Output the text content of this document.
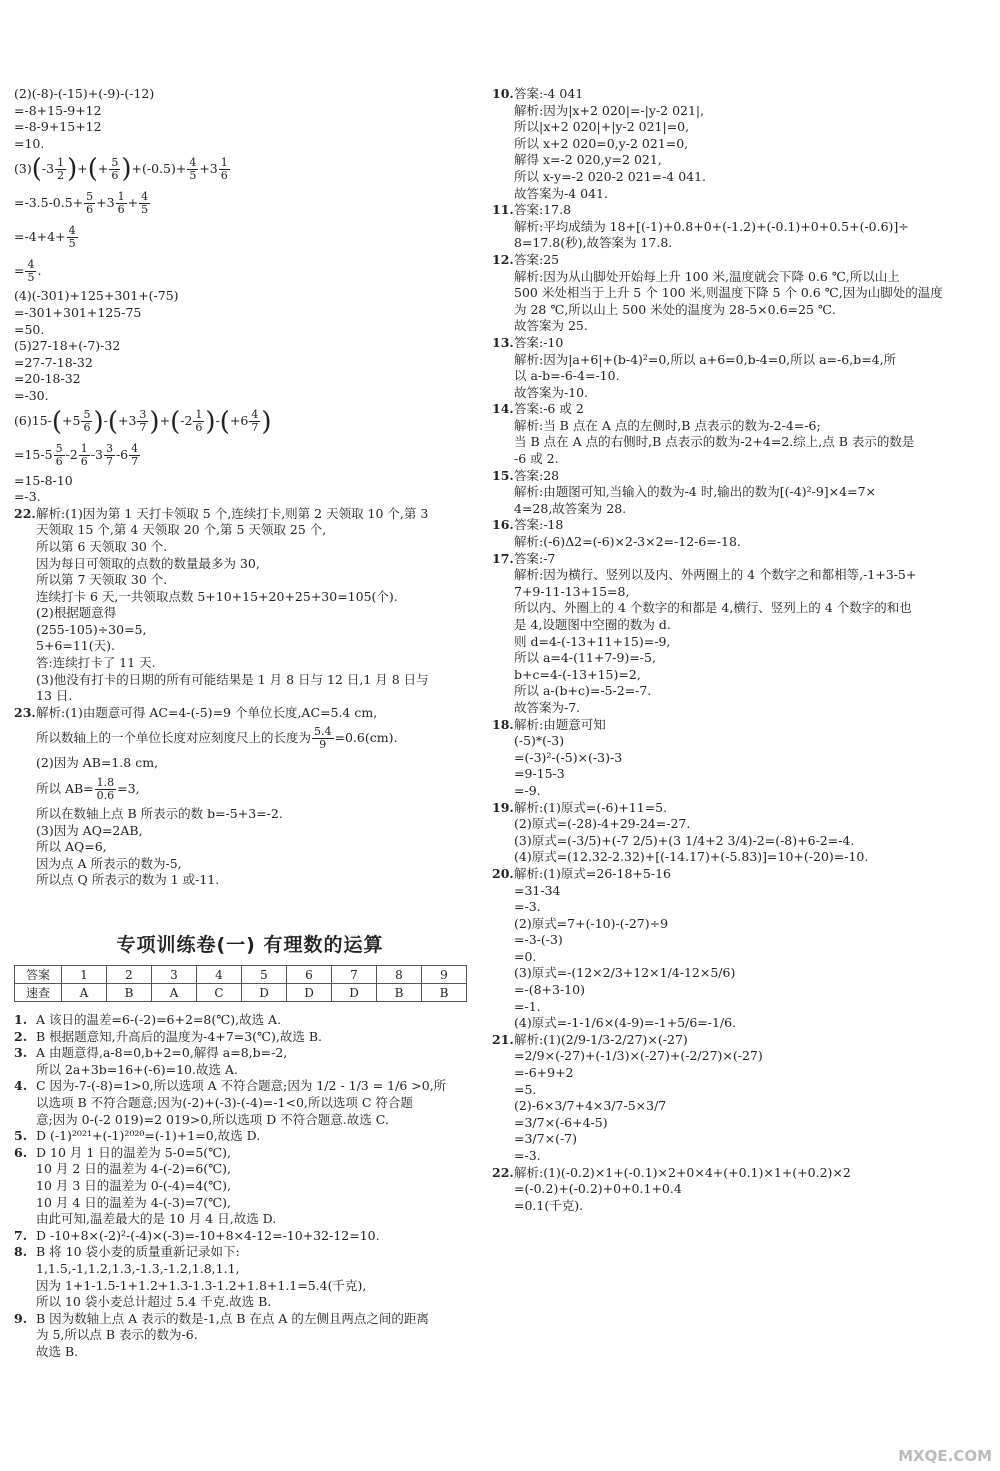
(2)(-8)-(-15)+(-9)-(-12)
=-8+15-9+12
=-8-9+15+12
=10.
(3) ( $-3 \frac{1}{2}$ ) + ( + $\frac{5}{6}$ ) $+(-0.5)+ \frac{4}{5} +3 \frac{1}{6}$
$=-3.5-0.5+ \frac{5}{6} +3 \frac{1}{6} + \frac{4}{5}$
$=-4+4+ \frac{4}{5}$
= $\frac{4}{5}$ .
(4)(-301)+125+301+(-75)
=-301+301+125-75
=50.
(5)27-18+(-7)-32
=27-7-18-32
=20-18-32
=-30.
(6)15- ( $+5 \frac{5}{6}$ ) - ( $+3 \frac{3}{7}$ ) + ( $-2 \frac{1}{6}$ ) - ( $+6 \frac{4}{7}$ )
$=15-5 \frac{5}{6} -2 \frac{1}{6} -3 \frac{3}{7} -6 \frac{4}{7}$
=15-8-10
=-3.
22.解析:(1)因为第 1 天打卡领取 5 个,连续打卡,则第 2 天领取 10 个,第 3
天领取 15 个,第 4 天领取 20 个,第 5 天领取 25 个,
所以第 6 天领取 30 个.
因为每日可领取的点数的数量最多为 30,
所以第 7 天领取 30 个.
连续打卡 6 天,一共领取点数 5+10+15+20+25+30=105(个).
(2)根据题意得
(255-105)÷30=5,
5+6=11(天).
答:连续打卡了 11 天.
(3)他没有打卡的日期的所有可能结果是 1 月 8 日与 12 日,1 月 8 日与
13 日.
23.解析:(1)由题意可得 AC=4-(-5)=9 个单位长度,AC=5.4 cm,
所以数轴上的一个单位长度对应刻度尺上的长度为 $\frac{5.4}{9} =0.6(cm)$.
(2)因为 AB=1.8 cm,
所以 $AB= \frac{1.8}{0.6} =3$,
所以在数轴上点 B 所表示的数 b=-5+3=-2.
(3)因为 AQ=2AB,
所以 AQ=6,
因为点 A 所表示的数为-5,
所以点 Q 所表示的数为 1 或-11.
专项训练卷(一) 有理数的运算
答案	1	2	3	4	5	6	7	8	9
速查	A	B	A	C	D	D	D	B	B
1. A 该日的温差=6-(-2)=6+2=8(℃),故选 A.
2. B 根据题意知,升高后的温度为-4+7=3(℃),故选 B.
3. A 由题意得,a-8=0,b+2=0,解得 a=8,b=-2,
所以 2a+3b=16+(-6)=10.故选 A.
4. C 因为-7-(-8)=1>0,所以选项 A 不符合题意;因为 1/2 - 1/3 = 1/6 >0,所
以选项 B 不符合题意;因为(-2)+(-3)-(-4)=-1<0,所以选项 C 符合题
意;因为 0-(-2 019)=2 019>0,所以选项 D 不符合题意.故选 C.
5. D (-1)²⁰²¹+(-1)²⁰²⁰=(-1)+1=0,故选 D.
6. D 10 月 1 日的温差为 5-0=5(℃),
10 月 2 日的温差为 4-(-2)=6(℃),
10 月 3 日的温差为 0-(-4)=4(℃),
10 月 4 日的温差为 4-(-3)=7(℃),
由此可知,温差最大的是 10 月 4 日,故选 D.
7. D -10+8×(-2)²-(-4)×(-3)=-10+8×4-12=-10+32-12=10.
8. B 将 10 袋小麦的质量重新记录如下:
1,1.5,-1,1.2,1.3,-1.3,-1.2,1.8,1.1,
因为 1+1-1.5-1+1.2+1.3-1.3-1.2+1.8+1.1=5.4(千克),
所以 10 袋小麦总计超过 5.4 千克.故选 B.
9. B 因为数轴上点 A 表示的数是-1,点 B 在点 A 的左侧且两点之间的距离
为 5,所以点 B 表示的数为-6.
故选 B.
10.答案:-4 041
解析:因为|x+2 020|=-|y-2 021|,
所以|x+2 020|+|y-2 021|=0,
所以 x+2 020=0,y-2 021=0,
解得 x=-2 020,y=2 021,
所以 x-y=-2 020-2 021=-4 041.
故答案为-4 041.
11.答案:17.8
解析:平均成绩为 18+[(-1)+0.8+0+(-1.2)+(-0.1)+0+0.5+(-0.6)]÷
8=17.8(秒),故答案为 17.8.
12.答案:25
解析:因为从山脚处开始每上升 100 米,温度就会下降 0.6 ℃,所以山上
500 米处相当于上升 5 个 100 米,则温度下降 5 个 0.6 ℃,因为山脚处的温度
为 28 ℃,所以山上 500 米处的温度为 28-5×0.6=25 ℃.
故答案为 25.
13.答案:-10
解析:因为|a+6|+(b-4)²=0,所以 a+6=0,b-4=0,所以 a=-6,b=4,所
以 a-b=-6-4=-10.
故答案为-10.
14.答案:-6 或 2
解析:当 B 点在 A 点的左侧时,B 点表示的数为-2-4=-6;
当 B 点在 A 点的右侧时,B 点表示的数为-2+4=2.综上,点 B 表示的数是
-6 或 2.
15.答案:28
解析:由题图可知,当输入的数为-4 时,输出的数为[(-4)²-9]×4=7×
4=28,故答案为 28.
16.答案:-18
解析:(-6)Δ2=(-6)×2-3×2=-12-6=-18.
17.答案:-7
解析:因为横行、竖列以及内、外两圈上的 4 个数字之和都相等,-1+3-5+
7+9-11-13+15=8,
所以内、外圈上的 4 个数字的和都是 4,横行、竖列上的 4 个数字的和也
是 4,设题图中空圈的数为 d.
则 d=4-(-13+11+15)=-9,
所以 a=4-(11+7-9)=-5,
b+c=4-(-13+15)=2,
所以 a-(b+c)=-5-2=-7.
故答案为-7.
18.解析:由题意可知
(-5)*(-3)
=(-3)²-(-5)×(-3)-3
=9-15-3
=-9.
19.解析:(1)原式=(-6)+11=5.
(2)原式=(-28)-4+29-24=-27.
(3)原式=(-3/5)+(-7 2/5)+(3 1/4+2 3/4)-2=(-8)+6-2=-4.
(4)原式=(12.32-2.32)+[(-14.17)+(-5.83)]=10+(-20)=-10.
20.解析:(1)原式=26-18+5-16
=31-34
=-3.
(2)原式=7+(-10)-(-27)÷9
=-3-(-3)
=0.
(3)原式=-(12×2/3+12×1/4-12×5/6)
=-(8+3-10)
=-1.
(4)原式=-1-1/6×(4-9)=-1+5/6=-1/6.
21.解析:(1)(2/9-1/3-2/27)×(-27)
=2/9×(-27)+(-1/3)×(-27)+(-2/27)×(-27)
=-6+9+2
=5.
(2)-6×3/7+4×3/7-5×3/7
=3/7×(-6+4-5)
=3/7×(-7)
=-3.
22.解析:(1)(-0.2)×1+(-0.1)×2+0×4+(+0.1)×1+(+0.2)×2
=(-0.2)+(-0.2)+0+0.1+0.4
=0.1(千克).
MXQE.COM
